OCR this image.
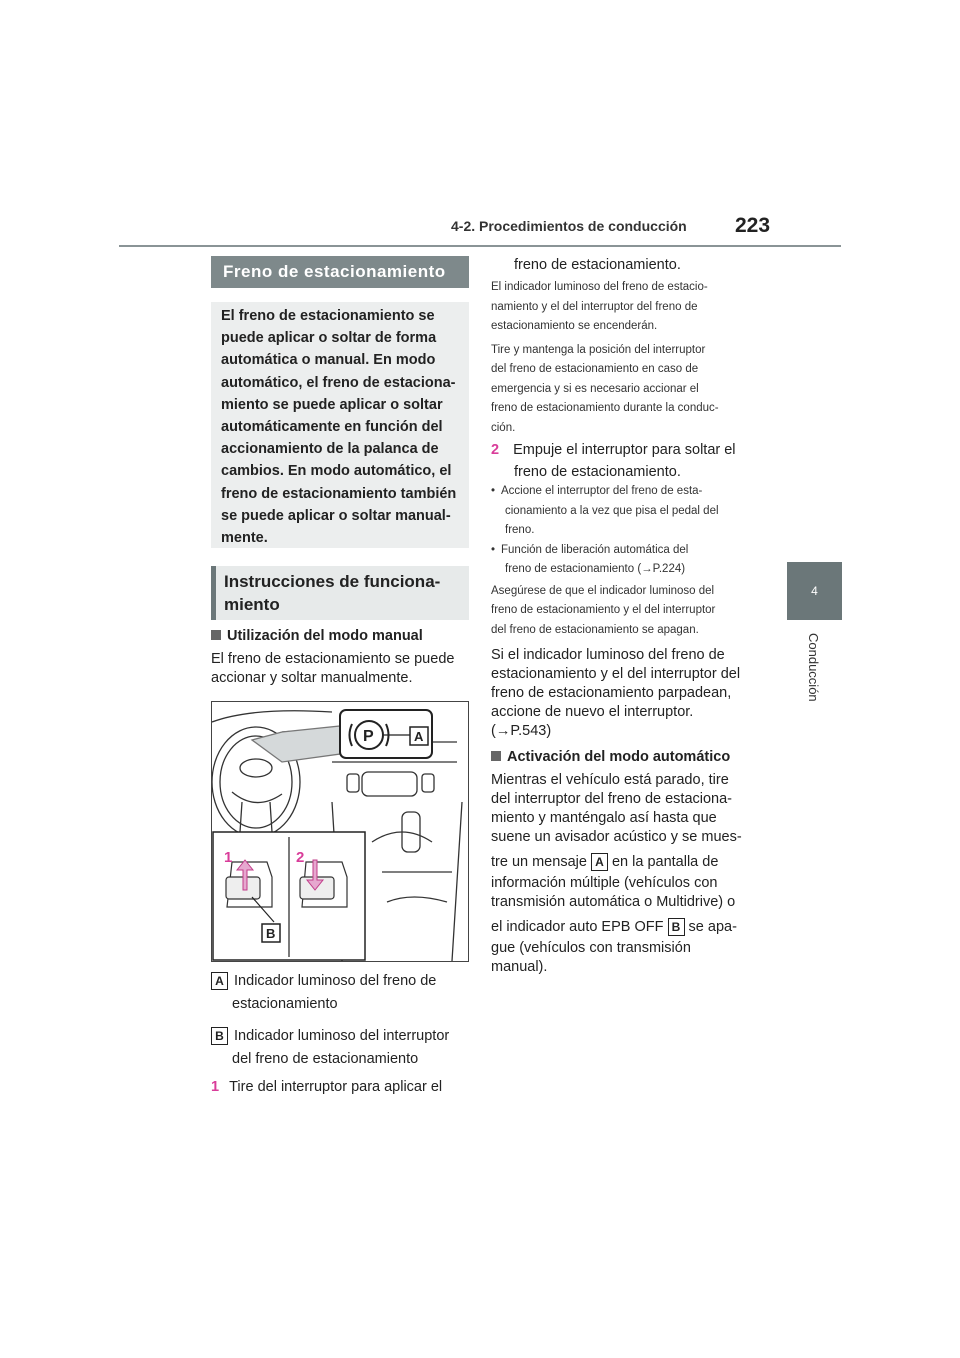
4-2. Procedimientos de conducción 223
4
Conducción
Freno de estacionamiento
El freno de estacionamiento se
puede aplicar o soltar de forma
automática o manual. En modo
automático, el freno de estaciona-
miento se puede aplicar o soltar
automáticamente en función del
accionamiento de la palanca de
cambios. En modo automático, el
freno de estacionamiento también
se puede aplicar o soltar manual-
mente.
Instrucciones de funciona-
miento
Utilización del modo manual
El freno de estacionamiento se puede
accionar y soltar manualmente.
P	A
1	2
B
A Indicador luminoso del freno de
estacionamiento
B Indicador luminoso del interruptor
del freno de estacionamiento
1 Tire del interruptor para aplicar el
freno de estacionamiento.
El indicador luminoso del freno de estacio-
namiento y el del interruptor del freno de
estacionamiento se encenderán.
Tire y mantenga la posición del interruptor
del freno de estacionamiento en caso de
emergencia y si es necesario accionar el
freno de estacionamiento durante la conduc-
ción.
2 Empuje el interruptor para soltar el
freno de estacionamiento.
• Accione el interruptor del freno de esta-
cionamiento a la vez que pisa el pedal del
freno.
• Función de liberación automática del
freno de estacionamiento (→P.224)
Asegúrese de que el indicador luminoso del
freno de estacionamiento y el del interruptor
del freno de estacionamiento se apagan.
Si el indicador luminoso del freno de
estacionamiento y el del interruptor del
freno de estacionamiento parpadean,
accione de nuevo el interruptor.
(→P.543)
Activación del modo automático
Mientras el vehículo está parado, tire
del interruptor del freno de estaciona-
miento y manténgalo así hasta que
suene un avisador acústico y se mues-
tre un mensaje A en la pantalla de
información múltiple (vehículos con
transmisión automática o Multidrive) o
el indicador auto EPB OFF B se apa-
gue (vehículos con transmisión
manual).
